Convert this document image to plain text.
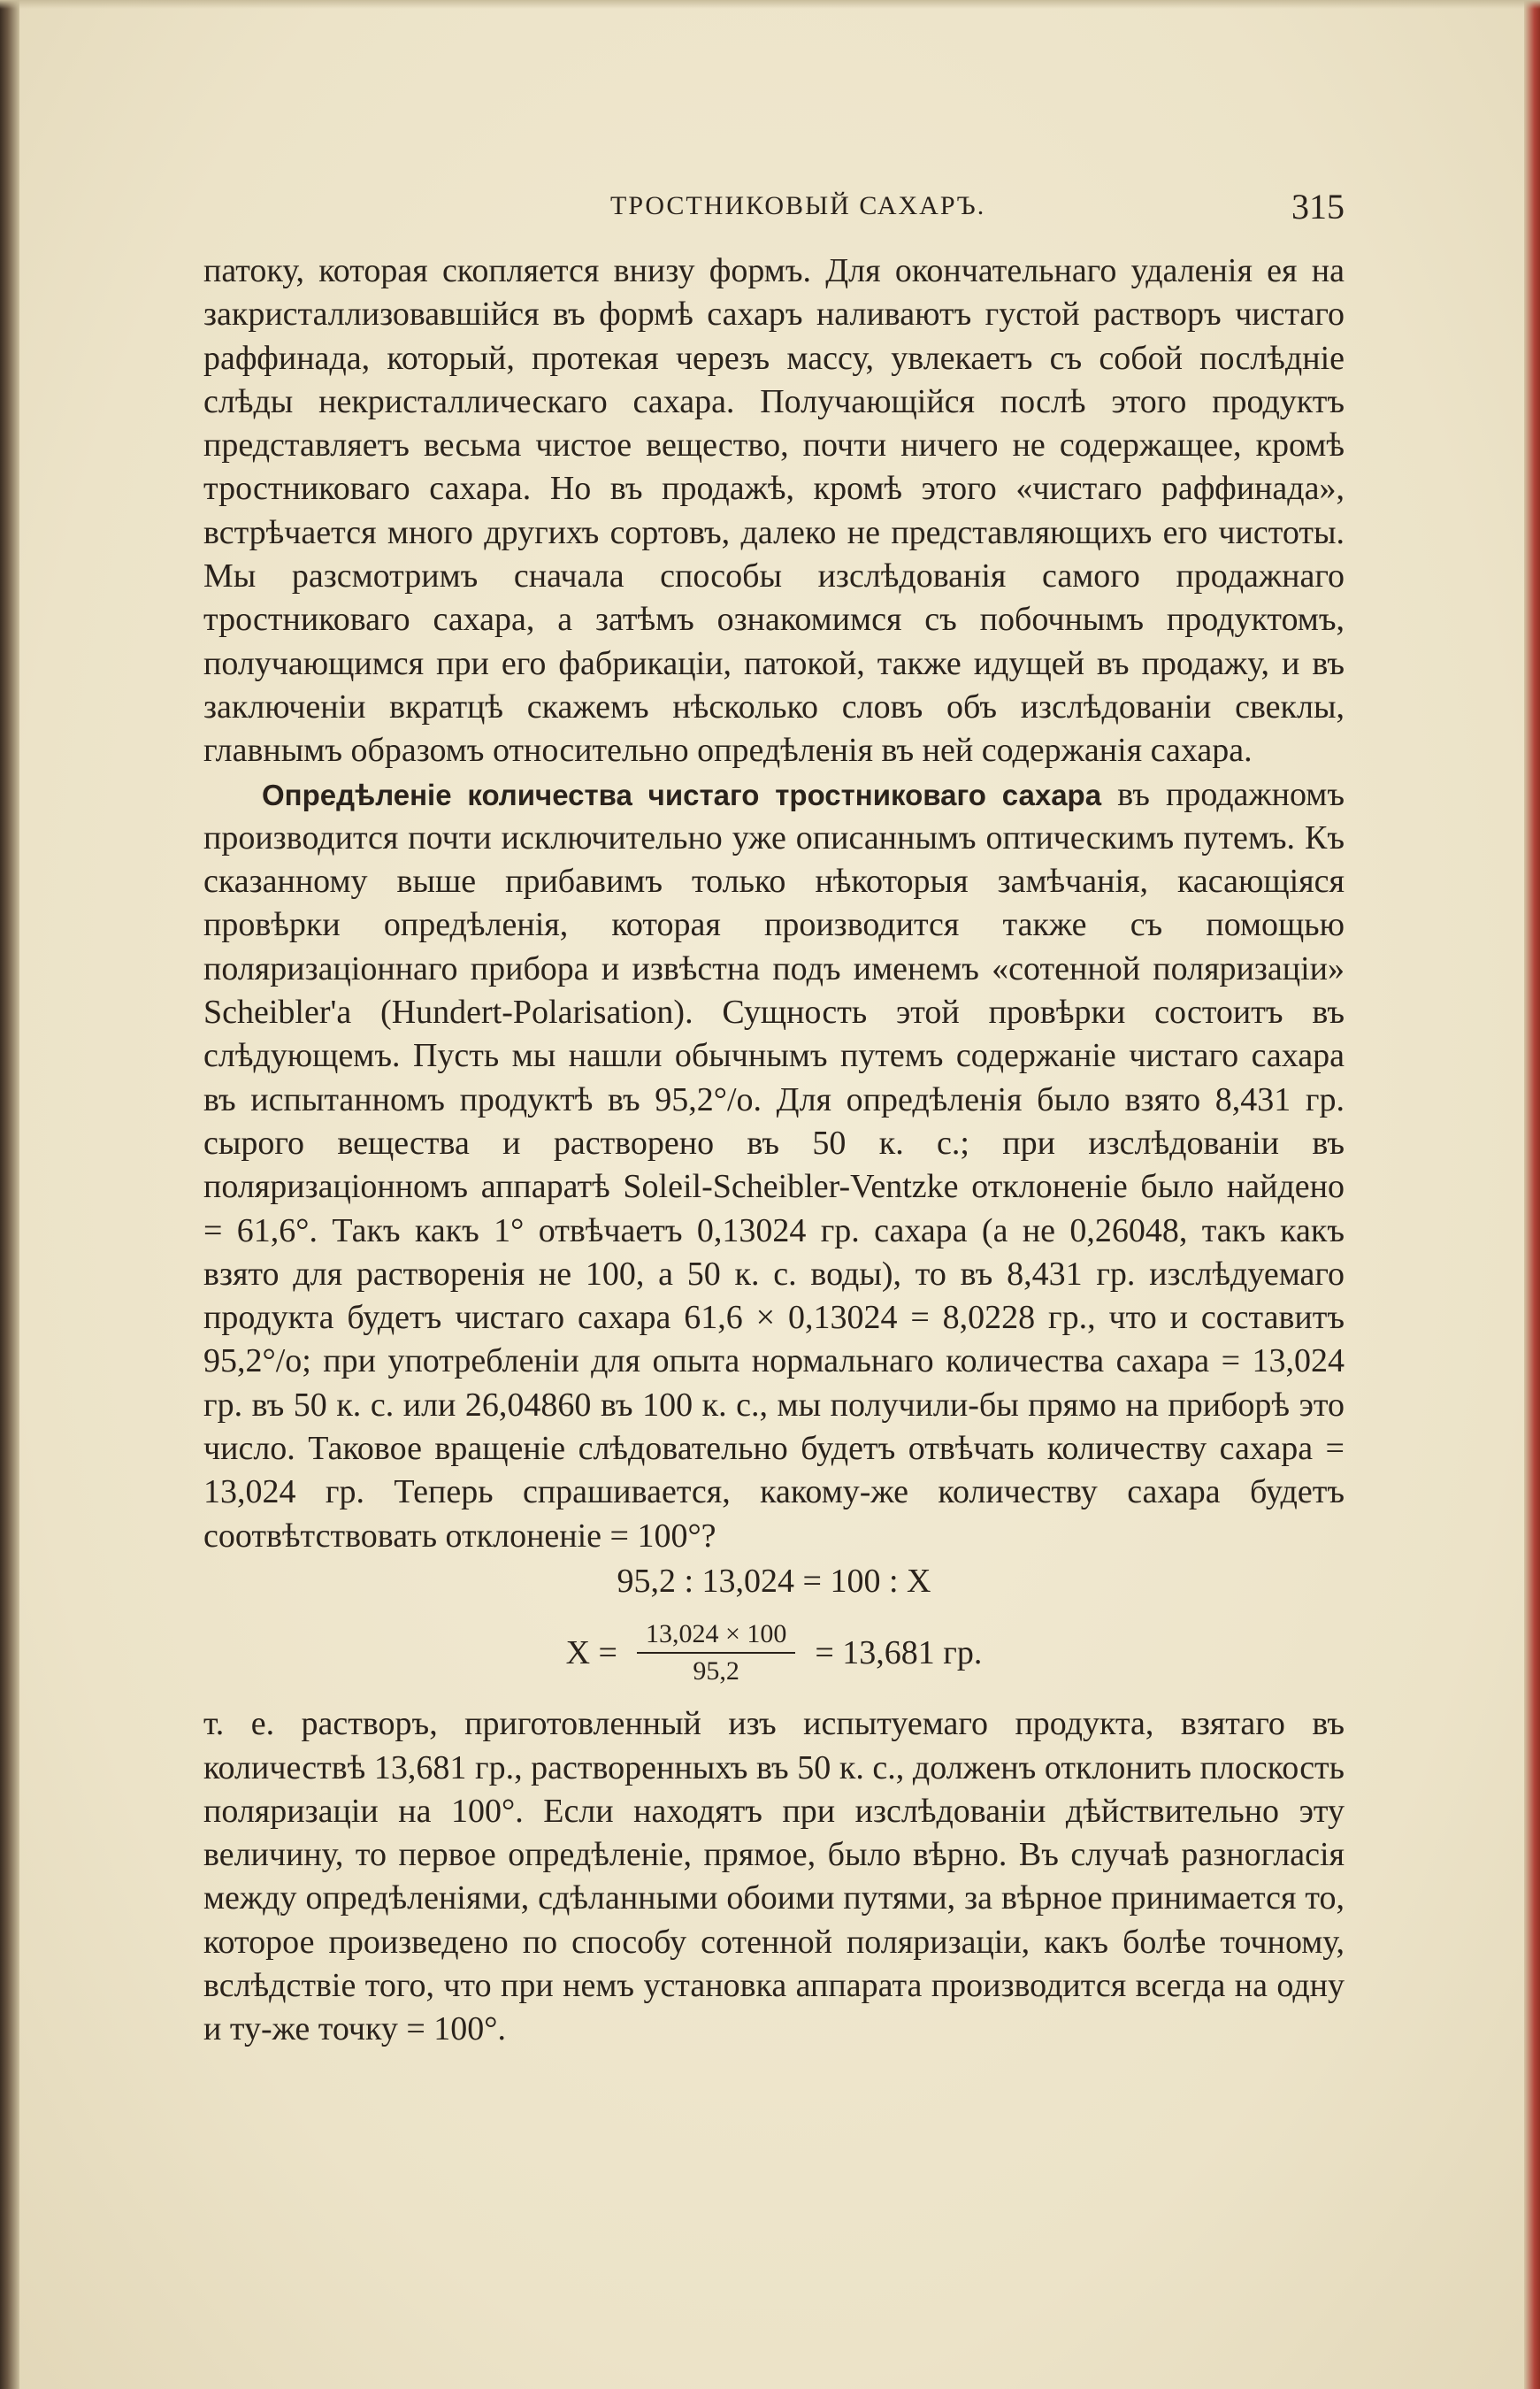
ТРОСТНИКОВЫЙ САХАРЪ.	315

патоку, которая скопляется внизу формъ. Для окончательнаго удаленія ея на закристаллизовавшійся въ формѣ сахаръ наливаютъ густой растворъ чистаго раффинада, который, протекая черезъ массу, увлекаетъ съ собой послѣдніе слѣды некристаллическаго сахара. Получающійся послѣ этого продуктъ представляетъ весьма чистое вещество, почти ничего не содержащее, кромѣ тростниковаго сахара. Но въ продажѣ, кромѣ этого «чистаго раффинада», встрѣчается много другихъ сортовъ, далеко не представляющихъ его чистоты. Мы разсмотримъ сначала способы изслѣдованія самого продажнаго тростниковаго сахара, а затѣмъ ознакомимся съ побочнымъ продуктомъ, получающимся при его фабрикаціи, патокой, также идущей въ продажу, и въ заключеніи вкратцѣ скажемъ нѣсколько словъ объ изслѣдованіи свеклы, главнымъ образомъ относительно опредѣленія въ ней содержанія сахара.

Опредѣленіе количества чистаго тростниковаго сахара въ продажномъ производится почти исключительно уже описаннымъ оптическимъ путемъ. Къ сказанному выше прибавимъ только нѣкоторыя замѣчанія, касающіяся провѣрки опредѣленія, которая производится также съ помощью поляризаціоннаго прибора и извѣстна подъ именемъ «сотенной поляризаціи» Scheibler'а (Hundert-Polarisation). Сущность этой провѣрки состоитъ въ слѣдующемъ. Пусть мы нашли обычнымъ путемъ содержаніе чистаго сахара въ испытанномъ продуктѣ въ 95,2°/о. Для опредѣленія было взято 8,431 гр. сырого вещества и растворено въ 50 к. с.; при изслѣдованіи въ поляризаціонномъ аппаратѣ Soleil-Scheibler-Ventzke отклоненіе было найдено = 61,6°. Такъ какъ 1° отвѣчаетъ 0,13024 гр. сахара (а не 0,26048, такъ какъ взято для растворенія не 100, а 50 к. с. воды), то въ 8,431 гр. изслѣдуемаго продукта будетъ чистаго сахара 61,6 × 0,13024 = 8,0228 гр., что и составитъ 95,2°/о; при употребленіи для опыта нормальнаго количества сахара = 13,024 гр. въ 50 к. с. или 26,04860 въ 100 к. с., мы получили-бы прямо на приборѣ это число. Таковое вращеніе слѣдовательно будетъ отвѣчать количеству сахара = 13,024 гр. Теперь спрашивается, какому-же количеству сахара будетъ соотвѣтствовать отклоненіе = 100°?

95,2 : 13,024 = 100 : X
$X = \frac{13,024 \times 100}{95,2} = 13,681$ гр.

т. е. растворъ, приготовленный изъ испытуемаго продукта, взятаго въ количествѣ 13,681 гр., растворенныхъ въ 50 к. с., долженъ отклонить плоскость поляризаціи на 100°. Если находятъ при изслѣдованіи дѣйствительно эту величину, то первое опредѣленіе, прямое, было вѣрно. Въ случаѣ разногласія между опредѣленіями, сдѣланными обоими путями, за вѣрное принимается то, которое произведено по способу сотенной поляризаціи, какъ болѣе точному, вслѣдствіе того, что при немъ установка аппарата производится всегда на одну и ту-же точку = 100°.
